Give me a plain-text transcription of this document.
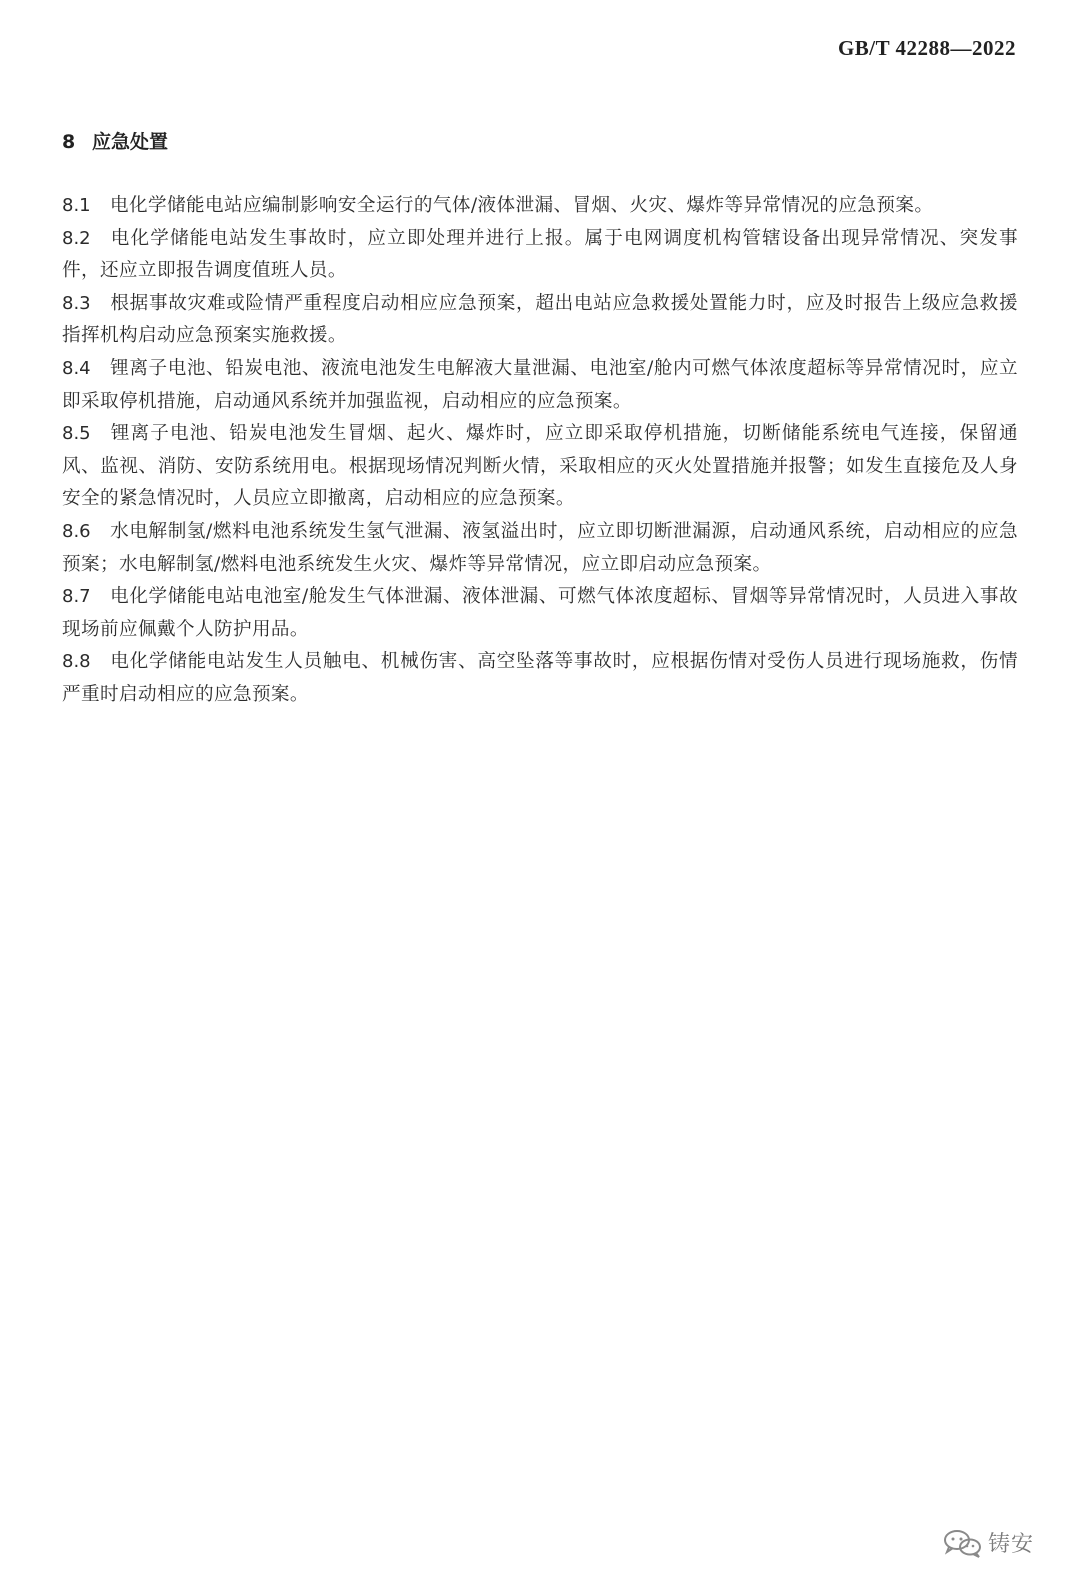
GB/T 42288—2022
8 应急处置
8.1 电化学储能电站应编制影响安全运行的气体/液体泄漏、冒烟、火灾、爆炸等异常情况的应急预案。
8.2 电化学储能电站发生事故时，应立即处理并进行上报。属于电网调度机构管辖设备出现异常情况、突发事件，还应立即报告调度值班人员。
8.3 根据事故灾难或险情严重程度启动相应应急预案，超出电站应急救援处置能力时，应及时报告上级应急救援指挥机构启动应急预案实施救援。
8.4 锂离子电池、铅炭电池、液流电池发生电解液大量泄漏、电池室/舱内可燃气体浓度超标等异常情况时，应立即采取停机措施，启动通风系统并加强监视，启动相应的应急预案。
8.5 锂离子电池、铅炭电池发生冒烟、起火、爆炸时，应立即采取停机措施，切断储能系统电气连接，保留通风、监视、消防、安防系统用电。根据现场情况判断火情，采取相应的灭火处置措施并报警；如发生直接危及人身安全的紧急情况时，人员应立即撤离，启动相应的应急预案。
8.6 水电解制氢/燃料电池系统发生氢气泄漏、液氢溢出时，应立即切断泄漏源，启动通风系统，启动相应的应急预案；水电解制氢/燃料电池系统发生火灾、爆炸等异常情况，应立即启动应急预案。
8.7 电化学储能电站电池室/舱发生气体泄漏、液体泄漏、可燃气体浓度超标、冒烟等异常情况时，人员进入事故现场前应佩戴个人防护用品。
8.8 电化学储能电站发生人员触电、机械伤害、高空坠落等事故时，应根据伤情对受伤人员进行现场施救，伤情严重时启动相应的应急预案。
铸安
